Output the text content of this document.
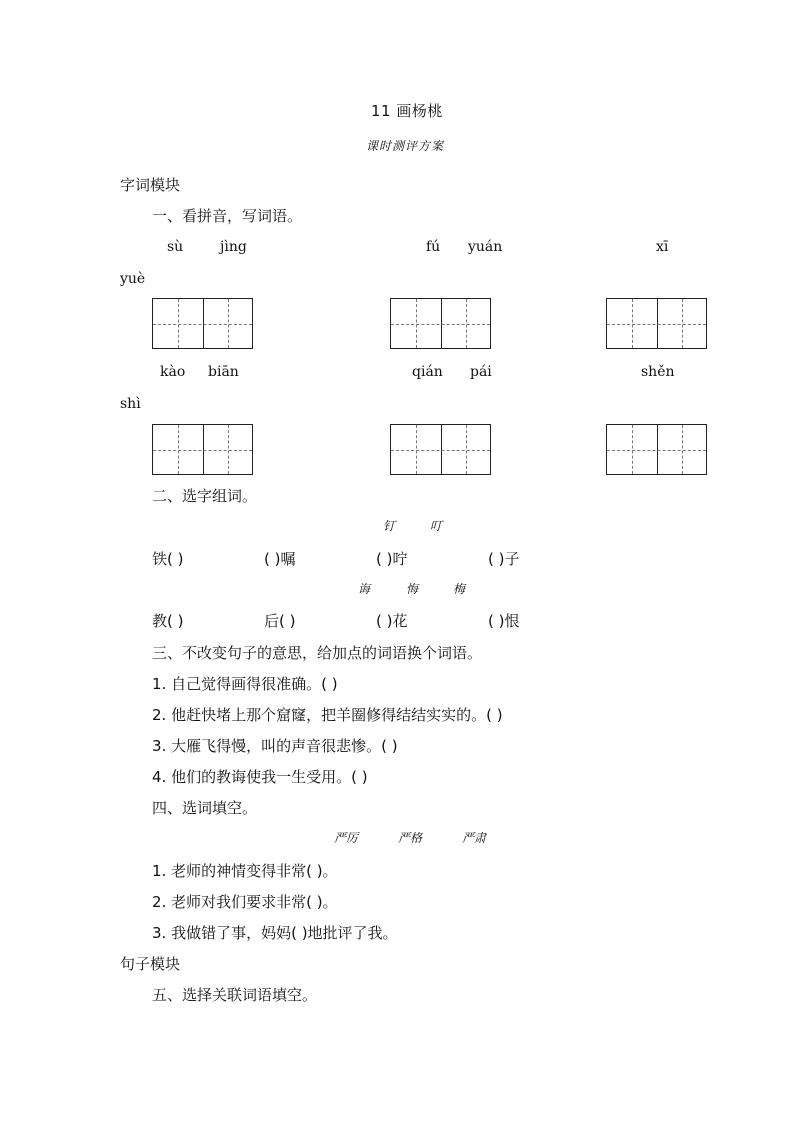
11 画杨桃
课时测评方案
字词模块
一、看拼音，写词语。
sù	jìng	fú yuán	xī
yuè
kào biān	qián pái	shěn
shì
二、选字组词。
钉	叮
铁( )	( )嘱	( )咛	( )子
诲	悔	梅
教( )	后( )	( )花	( )恨
三、不改变句子的意思，给加点的词语换个词语。
1. 自己觉得画得很准确。( )
2. 他赶快堵上那个窟窿，把羊圈修得结结实实的。( )
3. 大雁飞得慢，叫的声音很悲惨。( )
4. 他们的教诲使我一生受用。( )
四、选词填空。
严厉	严格	严肃
1. 老师的神情变得非常( )。
2. 老师对我们要求非常( )。
3. 我做错了事，妈妈( )地批评了我。
句子模块
五、选择关联词语填空。
